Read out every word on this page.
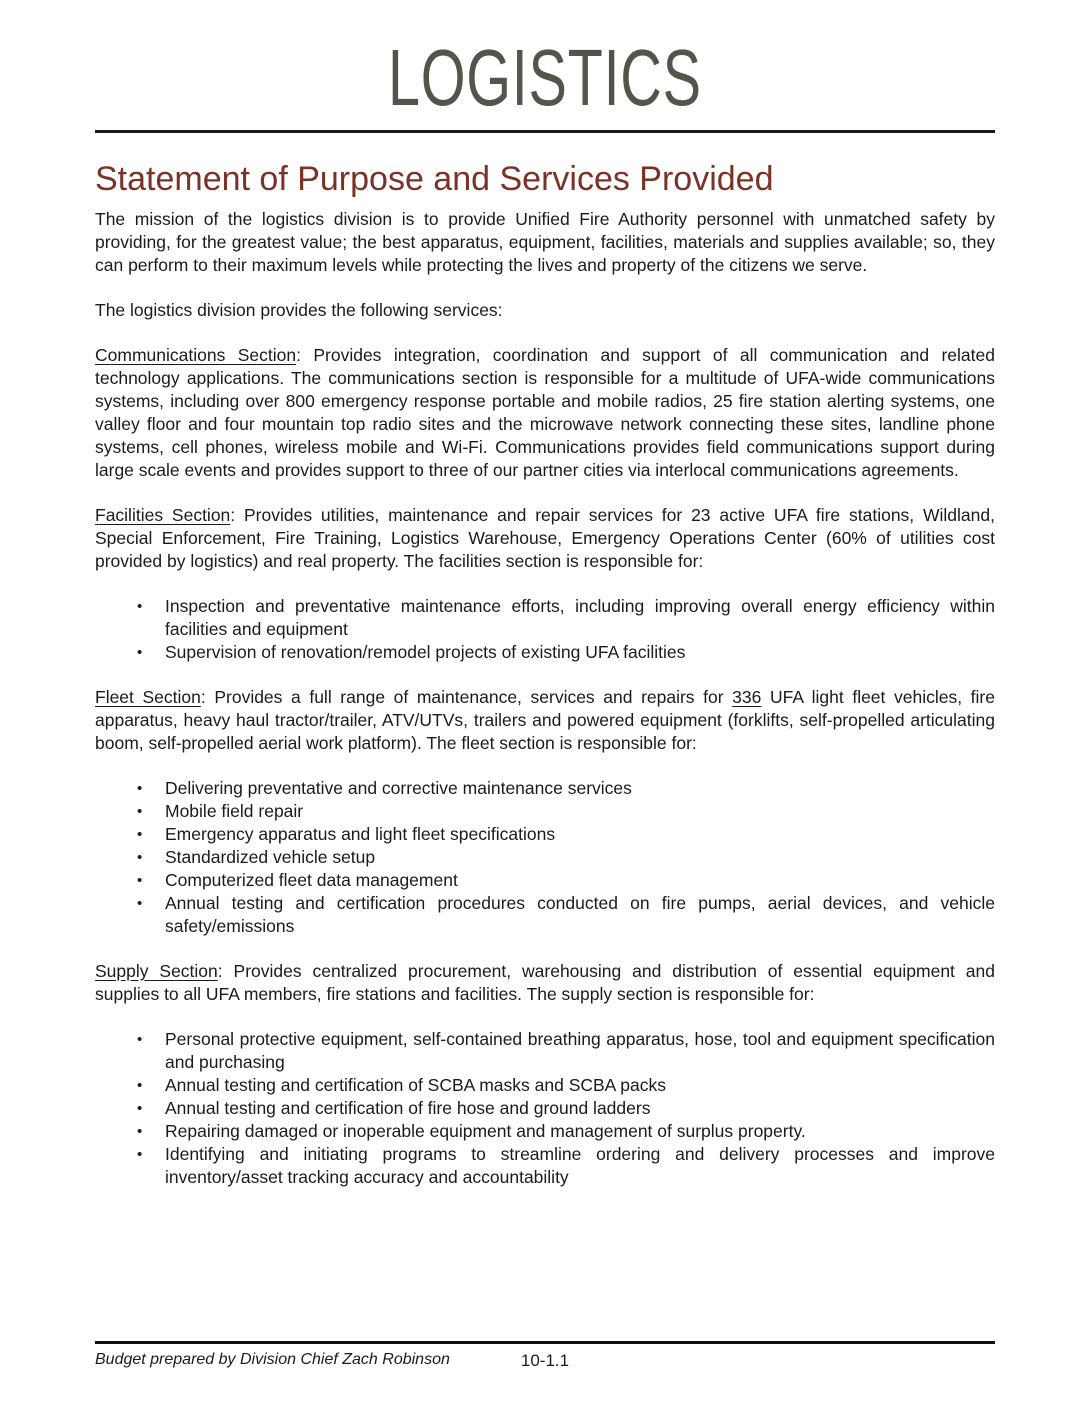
LOGISTICS
Statement of Purpose and Services Provided

The mission of the logistics division is to provide Unified Fire Authority personnel with unmatched safety by providing, for the greatest value; the best apparatus, equipment, facilities, materials and supplies available; so, they can perform to their maximum levels while protecting the lives and property of the citizens we serve.

The logistics division provides the following services:

Communications Section: Provides integration, coordination and support of all communication and related technology applications. The communications section is responsible for a multitude of UFA-wide communications systems, including over 800 emergency response portable and mobile radios, 25 fire station alerting systems, one valley floor and four mountain top radio sites and the microwave network connecting these sites, landline phone systems, cell phones, wireless mobile and Wi-Fi. Communications provides field communications support during large scale events and provides support to three of our partner cities via interlocal communications agreements.

Facilities Section: Provides utilities, maintenance and repair services for 23 active UFA fire stations, Wildland, Special Enforcement, Fire Training, Logistics Warehouse, Emergency Operations Center (60% of utilities cost provided by logistics) and real property. The facilities section is responsible for:

• Inspection and preventative maintenance efforts, including improving overall energy efficiency within facilities and equipment
• Supervision of renovation/remodel projects of existing UFA facilities

Fleet Section: Provides a full range of maintenance, services and repairs for 336 UFA light fleet vehicles, fire apparatus, heavy haul tractor/trailer, ATV/UTVs, trailers and powered equipment (forklifts, self-propelled articulating boom, self-propelled aerial work platform). The fleet section is responsible for:

• Delivering preventative and corrective maintenance services
• Mobile field repair
• Emergency apparatus and light fleet specifications
• Standardized vehicle setup
• Computerized fleet data management
• Annual testing and certification procedures conducted on fire pumps, aerial devices, and vehicle safety/emissions

Supply Section: Provides centralized procurement, warehousing and distribution of essential equipment and supplies to all UFA members, fire stations and facilities. The supply section is responsible for:

• Personal protective equipment, self-contained breathing apparatus, hose, tool and equipment specification and purchasing
• Annual testing and certification of SCBA masks and SCBA packs
• Annual testing and certification of fire hose and ground ladders
• Repairing damaged or inoperable equipment and management of surplus property.
• Identifying and initiating programs to streamline ordering and delivery processes and improve inventory/asset tracking accuracy and accountability
Budget prepared by Division Chief Zach Robinson	10-1.1
